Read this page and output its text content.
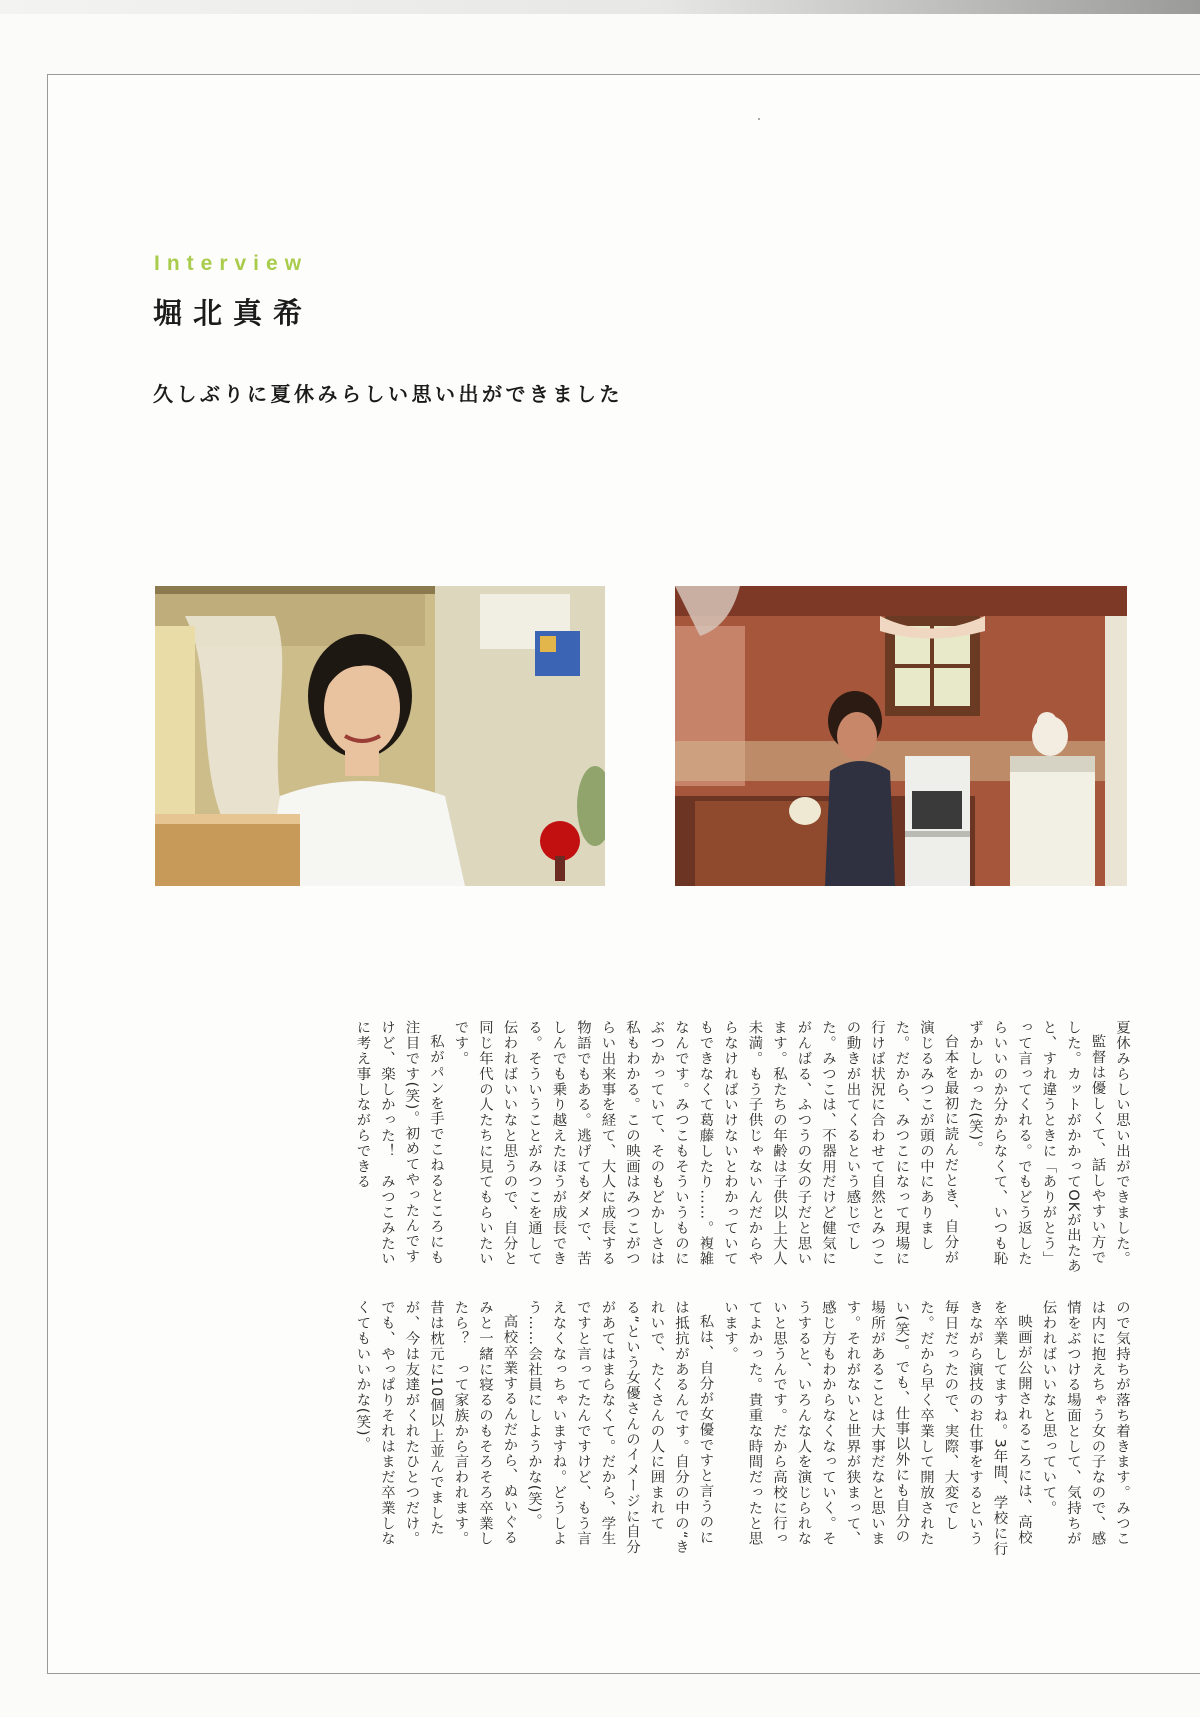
Interview
堀北真希
久しぶりに夏休みらしい思い出ができました

夏休みらしい思い出ができました。

監督は優しくて、話しやすい方でした。カットがかかってOKが出たあと、すれ違うときに「ありがとう」って言ってくれる。でもどう返したらいいのか分からなくて、いつも恥ずかしかった(笑)。

台本を最初に読んだとき、自分が演じるみつこが頭の中にありました。だから、みつこになって現場に行けば状況に合わせて自然とみつこの動きが出てくるという感じでした。みつこは、不器用だけど健気にがんばる、ふつうの女の子だと思います。私たちの年齢は子供以上大人未満。もう子供じゃないんだからやらなければいけないとわかっていてもできなくて葛藤したり……。複雑なんです。みつこもそういうものにぶつかっていて、そのもどかしさは私もわかる。この映画はみつこがつらい出来事を経て、大人に成長する物語でもある。逃げてもダメで、苦しんでも乗り越えたほうが成長できる。そういうことがみつこを通して伝わればいいなと思うので、自分と同じ年代の人たちに見てもらいたいです。

私がパンを手でこねるところにも注目です(笑)。初めてやったんですけど、楽しかった！　みつこみたいに考え事しながらできる

ので気持ちが落ち着きます。みつこは内に抱えちゃう女の子なので、感情をぶつける場面として、気持ちが伝わればいいなと思っていて。

映画が公開されるころには、高校を卒業してますね。3年間、学校に行きながら演技のお仕事をするという毎日だったので、実際、大変でした。だから早く卒業して開放されたい(笑)。でも、仕事以外にも自分の場所があることは大事だなと思います。それがないと世界が狭まって、感じ方もわからなくなっていく。そうすると、いろんな人を演じられないと思うんです。だから高校に行ってよかった。貴重な時間だったと思います。

私は、自分が女優ですと言うのには抵抗があるんです。自分の中の“きれいで、たくさんの人に囲まれてる”という女優さんのイメージに自分があてはまらなくて。だから、学生ですと言ってたんですけど、もう言えなくなっちゃいますね。どうしよう……会社員にしようかな(笑)。

高校卒業するんだから、ぬいぐるみと一緒に寝るのもそろそろ卒業したら？　って家族から言われます。昔は枕元に10個以上並んでましたが、今は友達がくれたひとつだけ。でも、やっぱりそれはまだ卒業しなくてもいいかな(笑)。
